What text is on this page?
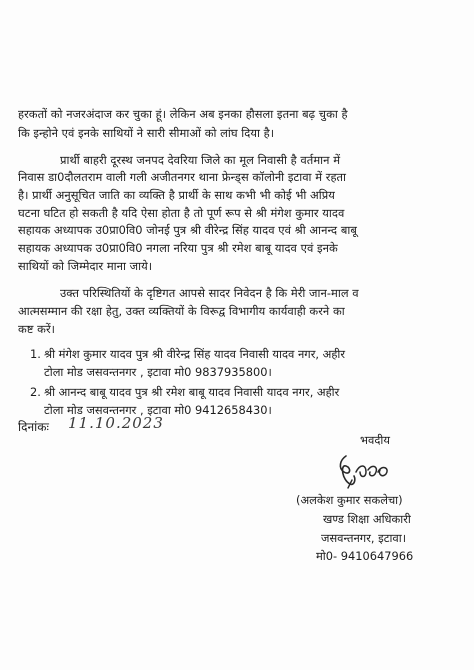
हरकतों को नजरअंदाज कर चुका हूं। लेकिन अब इनका हौसला इतना बढ़ चुका है
कि इन्होने एवं इनके साथियों ने सारी सीमाओं को लांघ दिया है।
प्रार्थी बाहरी दूरस्थ जनपद देवरिया जिले का मूल निवासी है वर्तमान में
निवास डा0दौलतराम वाली गली अजीतनगर थाना फ्रेन्ड्स कॉलोनी इटावा में रहता
है। प्रार्थी अनुसूचित जाति का व्यक्ति है प्रार्थी के साथ कभी भी कोई भी अप्रिय
घटना घटित हो सकती है यदि ऐसा होता है तो पूर्ण रूप से श्री मंगेश कुमार यादव
सहायक अध्यापक उ0प्रा0वि0 जोनई पुत्र श्री वीरेन्द्र सिंह यादव एवं श्री आनन्द बाबू
सहायक अध्यापक उ0प्रा0वि0 नगला नरिया पुत्र श्री रमेश बाबू यादव एवं इनके
साथियों को जिम्मेदार माना जाये।
उक्त परिस्थितियों के दृष्टिगत आपसे सादर निवेदन है कि मेरी जान-माल व
आत्मसम्मान की रक्षा हेतु, उक्त व्यक्तियों के विरूद्व विभागीय कार्यवाही करने का
कष्ट करें।
1. श्री मंगेश कुमार यादव पुत्र श्री वीरेन्द्र सिंह यादव निवासी यादव नगर, अहीर
टोला मोड जसवन्तनगर , इटावा मो0 9837935800।
2. श्री आनन्द बाबू यादव पुत्र श्री रमेश बाबू यादव निवासी यादव नगर, अहीर
टोला मोड जसवन्तनगर , इटावा मो0 9412658430।
दिनांकः 11.10.2023
भवदीय
(अलकेश कुमार सकलेचा)
खण्ड शिक्षा अधिकारी
जसवन्तनगर, इटावा।
मो0- 9410647966
